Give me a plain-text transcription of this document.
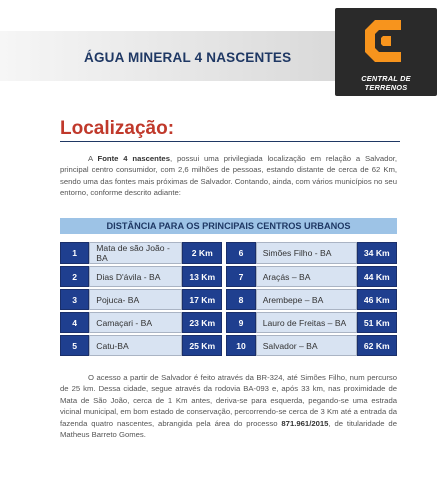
ÁGUA MINERAL 4 NASCENTES
CENTRAL DE TERRENOS
Localização:

A Fonte 4 nascentes, possui uma privilegiada localização em relação a Salvador, principal centro consumidor, com 2,6 milhões de pessoas, estando distante de cerca de 62 Km, sendo uma das fontes mais próximas de Salvador. Contando, ainda, com vários municípios no seu entorno, conforme descrito adiante:

DISTÂNCIA PARA OS PRINCIPAIS CENTROS URBANOS
1	Mata de são João -BA	2 Km		6	Simões Filho - BA	34 Km
2	Dias D'ávila - BA	13 Km		7	Araçás – BA	44 Km
3	Pojuca- BA	17 Km		8	Arembepe – BA	46 Km
4	Camaçari - BA	23 Km		9	Lauro de Freitas – BA	51 Km
5	Catu-BA	25 Km		10	Salvador – BA	62 Km

O acesso a partir de Salvador é feito através da BR-324, até Simões Filho, num percurso de 25 km. Dessa cidade, segue através da rodovia BA-093 e, após 33 km, nas proximidade de Mata de São João, cerca de 1 Km antes, deriva-se para esquerda, pegando-se uma estrada vicinal municipal, em bom estado de conservação, percorrendo-se cerca de 3 Km até a entrada da fazenda quatro nascentes, abrangida pela área do processo 871.961/2015, de titularidade de Matheus Barreto Gomes.
